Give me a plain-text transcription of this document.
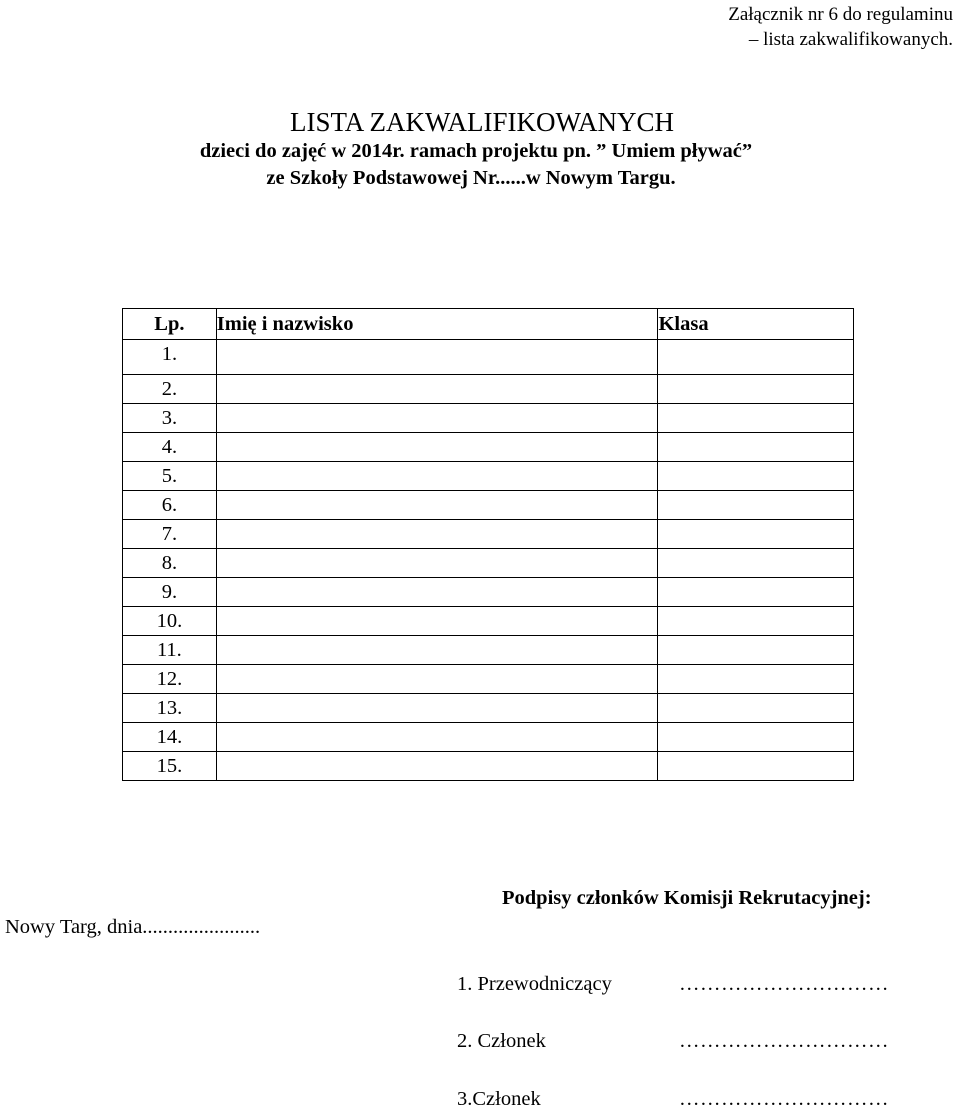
Załącznik nr 6 do regulaminu
– lista zakwalifikowanych.
LISTA ZAKWALIFIKOWANYCH
dzieci do zajęć w 2014r. ramach projektu pn. ” Umiem pływać”
ze Szkoły Podstawowej Nr......w Nowym Targu.
Lp.	Imię i nazwisko	Klasa
1.		
2.		
3.		
4.		
5.		
6.		
7.		
8.		
9.		
10.		
11.		
12.		
13.		
14.		
15.		
Nowy Targ, dnia.......................
Podpisy członków Komisji Rekrutacyjnej:
1. Przewodniczący	…………………………
2. Członek	…………………………
3.Członek	…………………………
